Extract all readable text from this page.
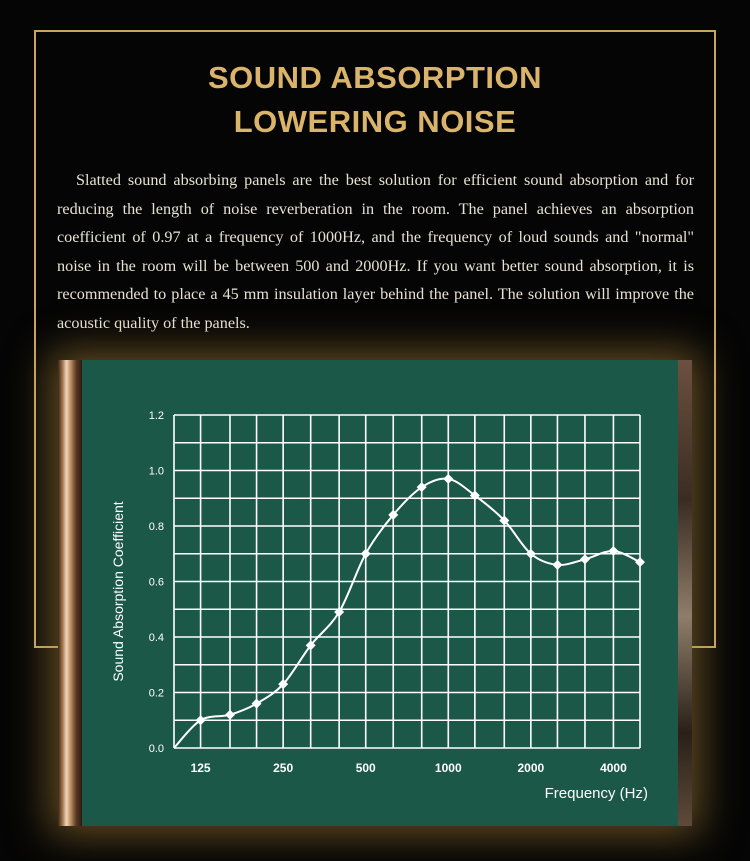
SOUND ABSORPTION
LOWERING NOISE
Slatted sound absorbing panels are the best solution for efficient sound absorption and for reducing the length of noise reverberation in the room. The panel achieves an absorption coefficient of 0.97 at a frequency of 1000Hz, and the frequency of loud sounds and "normal" noise in the room will be between 500 and 2000Hz. If you want better sound absorption, it is recommended to place a 45 mm insulation layer behind the panel. The solution will improve the acoustic quality of the panels.
0.0
0.2
0.4
0.6
0.8
1.0
1.2
125	250	500	1000	2000	4000
Frequency (Hz)
Sound Absorption Coefficient
